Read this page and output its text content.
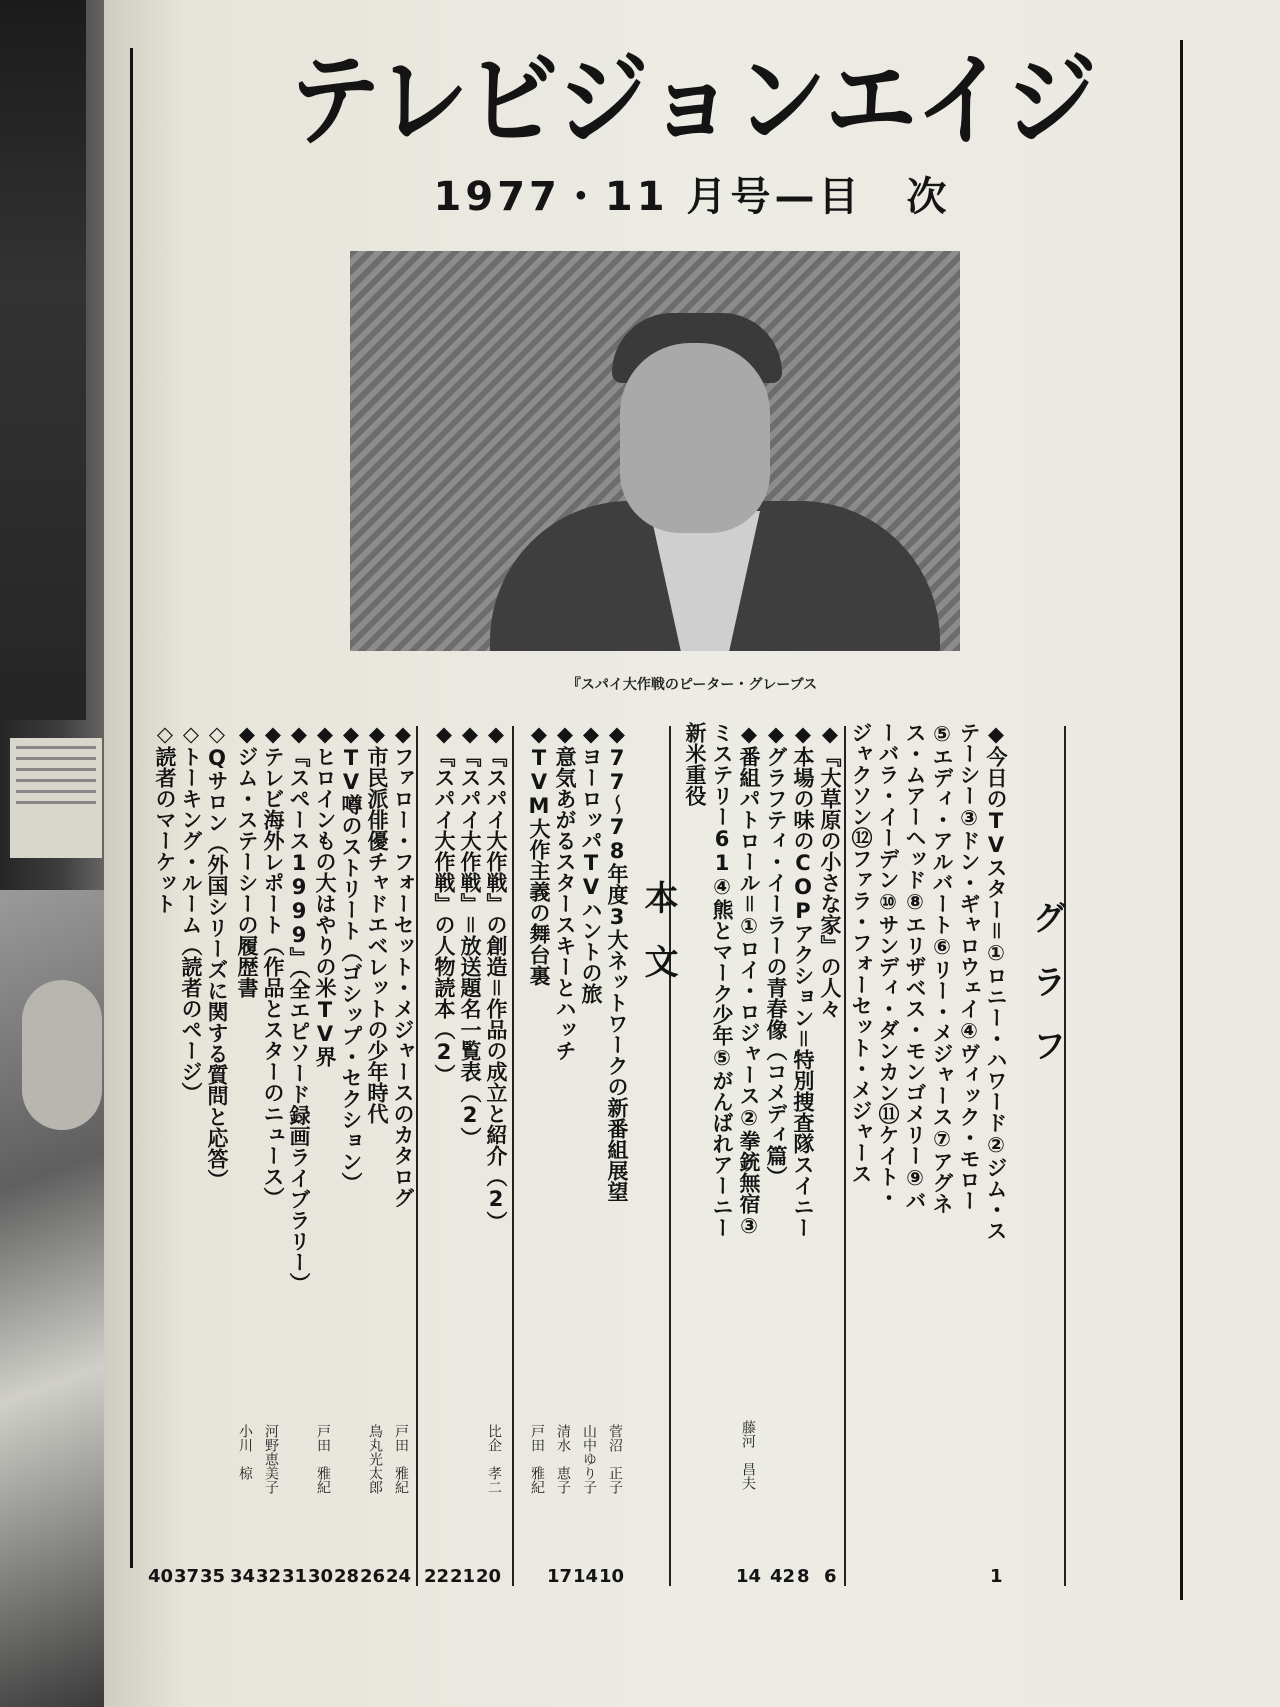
テレビジョンエイジ
1977・11 月号—目　次
『スパイ大作戦のピーター・グレーブス
グラフ
本文	◆今日のTVスター＝①ロニー・ハワード②ジム・ス
テーシー③ドン・ギャロウェイ④ヴィック・モロー
⑤エディ・アルバート⑥リー・メジャース⑦アグネ
ス・ムアーヘッド⑧エリザベス・モンゴメリー⑨バ
ーバラ・イーデン⑩サンディ・ダンカン⑪ケイト・
ジャクソン⑫ファラ・フォーセット・メジャース
◆『大草原の小さな家』の人々
◆本場の味のCOPアクション＝特別捜査隊スイニー
◆グラフティ・イーラーの青春像（コメディ篇）
◆番組パトロール＝①ロイ・ロジャース②拳銃無宿③
ミステリー61④熊とマーク少年⑤がんばれアーニー
新米重役
1
6
8
42
14
藤河　昌夫
◆77〜78年度3大ネットワークの新番組展望
10
菅沼　正子
◆ヨーロッパTVハントの旅
14
山中ゆり子
◆意気あがるスタースキーとハッチ
17
清水　恵子
◆TVM大作主義の舞台裏
戸田　雅紀
◆『スパイ大作戦』の創造＝作品の成立と紹介（2）
20
比企　孝二
◆『スパイ大作戦』＝放送題名一覧表（2）
21
◆『スパイ大作戦』の人物読本（2）
22
◆ファロー・フォーセット・メジャースのカタログ
24
戸田　雅紀
◆市民派俳優チャドエベレットの少年時代
26
鳥丸光太郎
◆TV噂のストリート（ゴシップ・セクション）
28
◆ヒロインもの大はやりの米TV界
30
戸田　雅紀
◆『スペース1999』（全エピソード録画ライブラリー）
31
◆テレビ海外レポート（作品とスターのニュース）
32
河野恵美子
◆ジム・ステーシーの履歴書
34
小川　椋
◇Qサロン（外国シリーズに関する質問と応答）
35
◇トーキング・ルーム（読者のページ）
37
◇読者のマーケット
40
